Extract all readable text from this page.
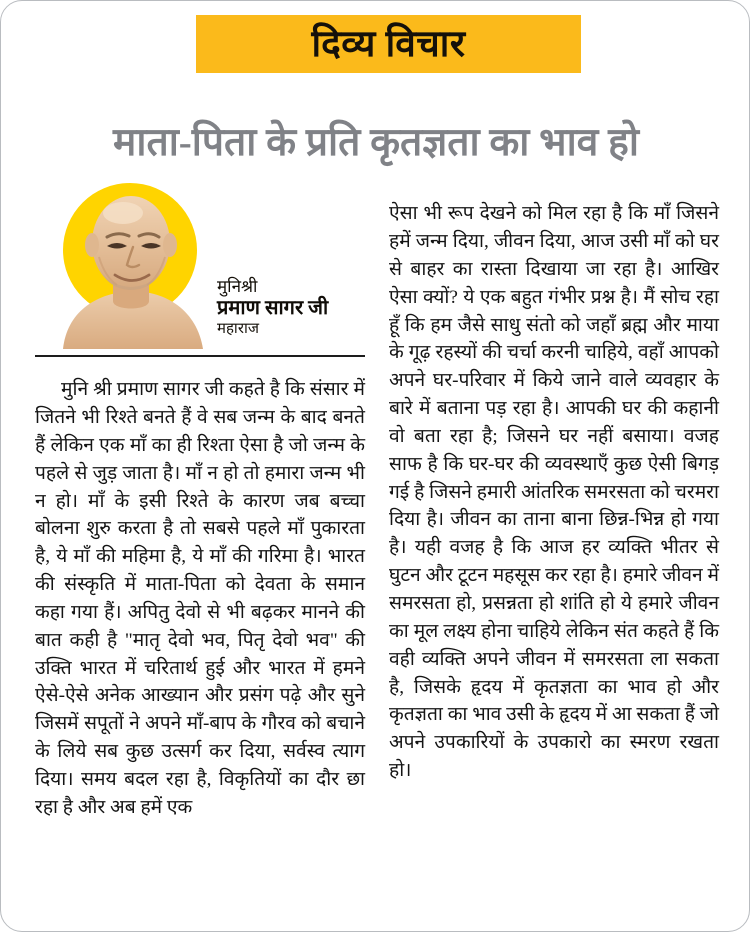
दिव्य विचार
माता-पिता के प्रति कृतज्ञता का भाव हो
मुनिश्री
प्रमाण सागर जी
महाराज

मुनि श्री प्रमाण सागर जी कहते है कि संसार में जितने भी रिश्ते बनते हैं वे सब जन्म के बाद बनते हैं लेकिन एक माँ का ही रिश्ता ऐसा है जो जन्म के पहले से जुड़ जाता है। माँ न हो तो हमारा जन्म भी न हो। माँ के इसी रिश्ते के कारण जब बच्चा बोलना शुरु करता है तो सबसे पहले माँ पुकारता है, ये माँ की महिमा है, ये माँ की गरिमा है। भारत की संस्कृति में माता-पिता को देवता के समान कहा गया हैं। अपितु देवो से भी बढ़कर मानने की बात कही है "मातृ देवो भव, पितृ देवो भव" की उक्ति भारत में चरितार्थ हुई और भारत में हमने ऐसे-ऐसे अनेक आख्यान और प्रसंग पढ़े और सुने जिसमें सपूतों ने अपने माँ-बाप के गौरव को बचाने के लिये सब कुछ उत्सर्ग कर दिया, सर्वस्व त्याग दिया। समय बदल रहा है, विकृतियों का दौर छा रहा है और अब हमें एक

ऐसा भी रूप देखने को मिल रहा है कि माँ जिसने हमें जन्म दिया, जीवन दिया, आज उसी माँ को घर से बाहर का रास्ता दिखाया जा रहा है। आखिर ऐसा क्यों? ये एक बहुत गंभीर प्रश्न है। मैं सोच रहा हूँ कि हम जैसे साधु संतो को जहाँ ब्रह्म और माया के गूढ़ रहस्यों की चर्चा करनी चाहिये, वहाँ आपको अपने घर-परिवार में किये जाने वाले व्यवहार के बारे में बताना पड़ रहा है। आपकी घर की कहानी वो बता रहा है; जिसने घर नहीं बसाया। वजह साफ है कि घर-घर की व्यवस्थाएँ कुछ ऐसी बिगड़ गई है जिसने हमारी आंतरिक समरसता को चरमरा दिया है। जीवन का ताना बाना छिन्न-भिन्न हो गया है। यही वजह है कि आज हर व्यक्ति भीतर से घुटन और टूटन महसूस कर रहा है। हमारे जीवन में समरसता हो, प्रसन्नता हो शांति हो ये हमारे जीवन का मूल लक्ष्य होना चाहिये लेकिन संत कहते हैं कि वही व्यक्ति अपने जीवन में समरसता ला सकता है, जिसके हृदय में कृतज्ञता का भाव हो और कृतज्ञता का भाव उसी के हृदय में आ सकता हैं जो अपने उपकारियों के उपकारो का स्मरण रखता हो।
